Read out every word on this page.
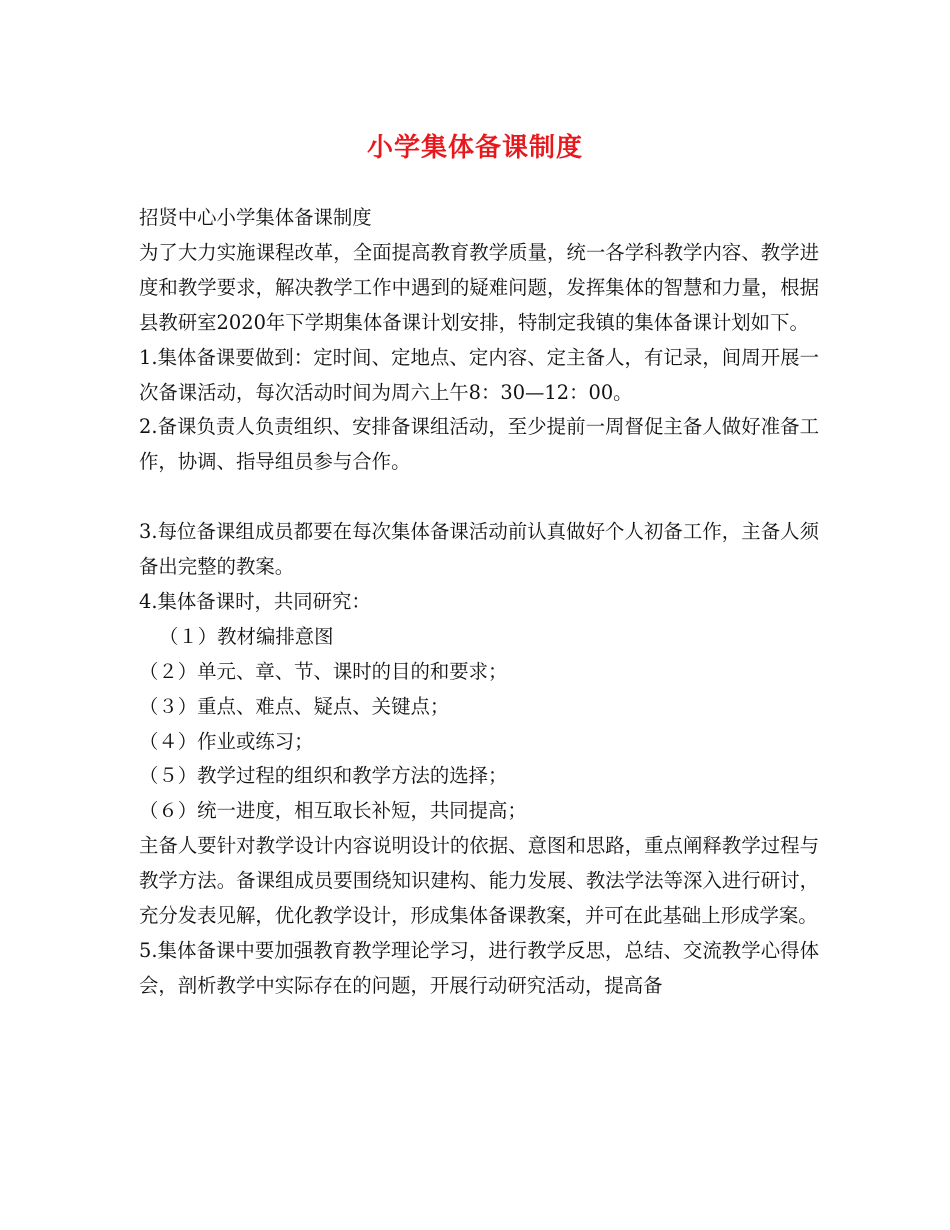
小学集体备课制度

招贤中心小学集体备课制度

为了大力实施课程改革，全面提高教育教学质量，统一各学科教学内容、教学进度和教学要求，解决教学工作中遇到的疑难问题，发挥集体的智慧和力量，根据县教研室2020年下学期集体备课计划安排，特制定我镇的集体备课计划如下。

1.集体备课要做到：定时间、定地点、定内容、定主备人，有记录，间周开展一次备课活动，每次活动时间为周六上午8：30—12：00。

2.备课负责人负责组织、安排备课组活动，至少提前一周督促主备人做好准备工作，协调、指导组员参与合作。

3.每位备课组成员都要在每次集体备课活动前认真做好个人初备工作，主备人须备出完整的教案。

4.集体备课时，共同研究：

（１）教材编排意图

（２）单元、章、节、课时的目的和要求；

（３）重点、难点、疑点、关键点；

（４）作业或练习；

（５）教学过程的组织和教学方法的选择；

（６）统一进度，相互取长补短，共同提高；

主备人要针对教学设计内容说明设计的依据、意图和思路，重点阐释教学过程与教学方法。备课组成员要围绕知识建构、能力发展、教法学法等深入进行研讨，充分发表见解，优化教学设计，形成集体备课教案，并可在此基础上形成学案。

5.集体备课中要加强教育教学理论学习，进行教学反思，总结、交流教学心得体会，剖析教学中实际存在的问题，开展行动研究活动，提高备
